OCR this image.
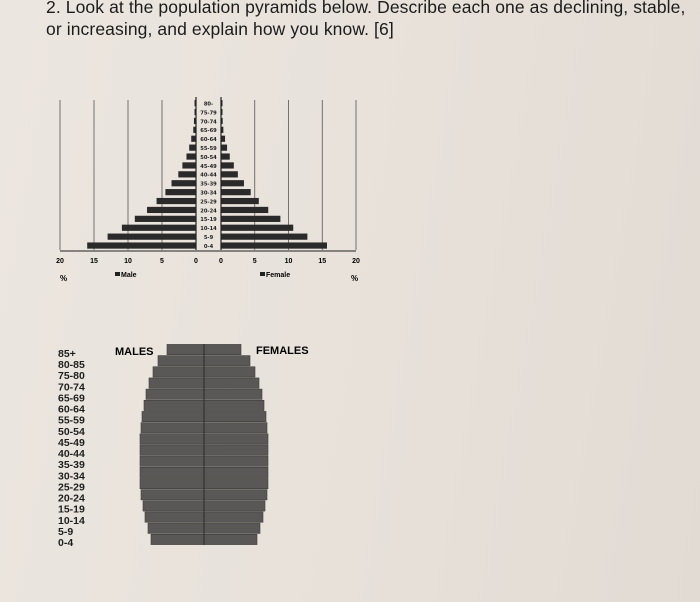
2. Look at the population pyramids below. Describe each one as declining, stable, or increasing, and explain how you know. [6]
0-4
5-9
10-14
15-19
20-24
25-29
30-34
35-39
40-44
45-49
50-54
55-59
60-64
65-69
70-74
75-79
80-
20	15	10	5	0	0	5	10	15	20
%	%
Male	Female
85+
80-85
75-80
70-74
65-69
60-64
55-59
50-54
45-49
40-44
35-39
30-34
25-29
20-24
15-19
10-14
5-9
0-4
MALES	FEMALES
